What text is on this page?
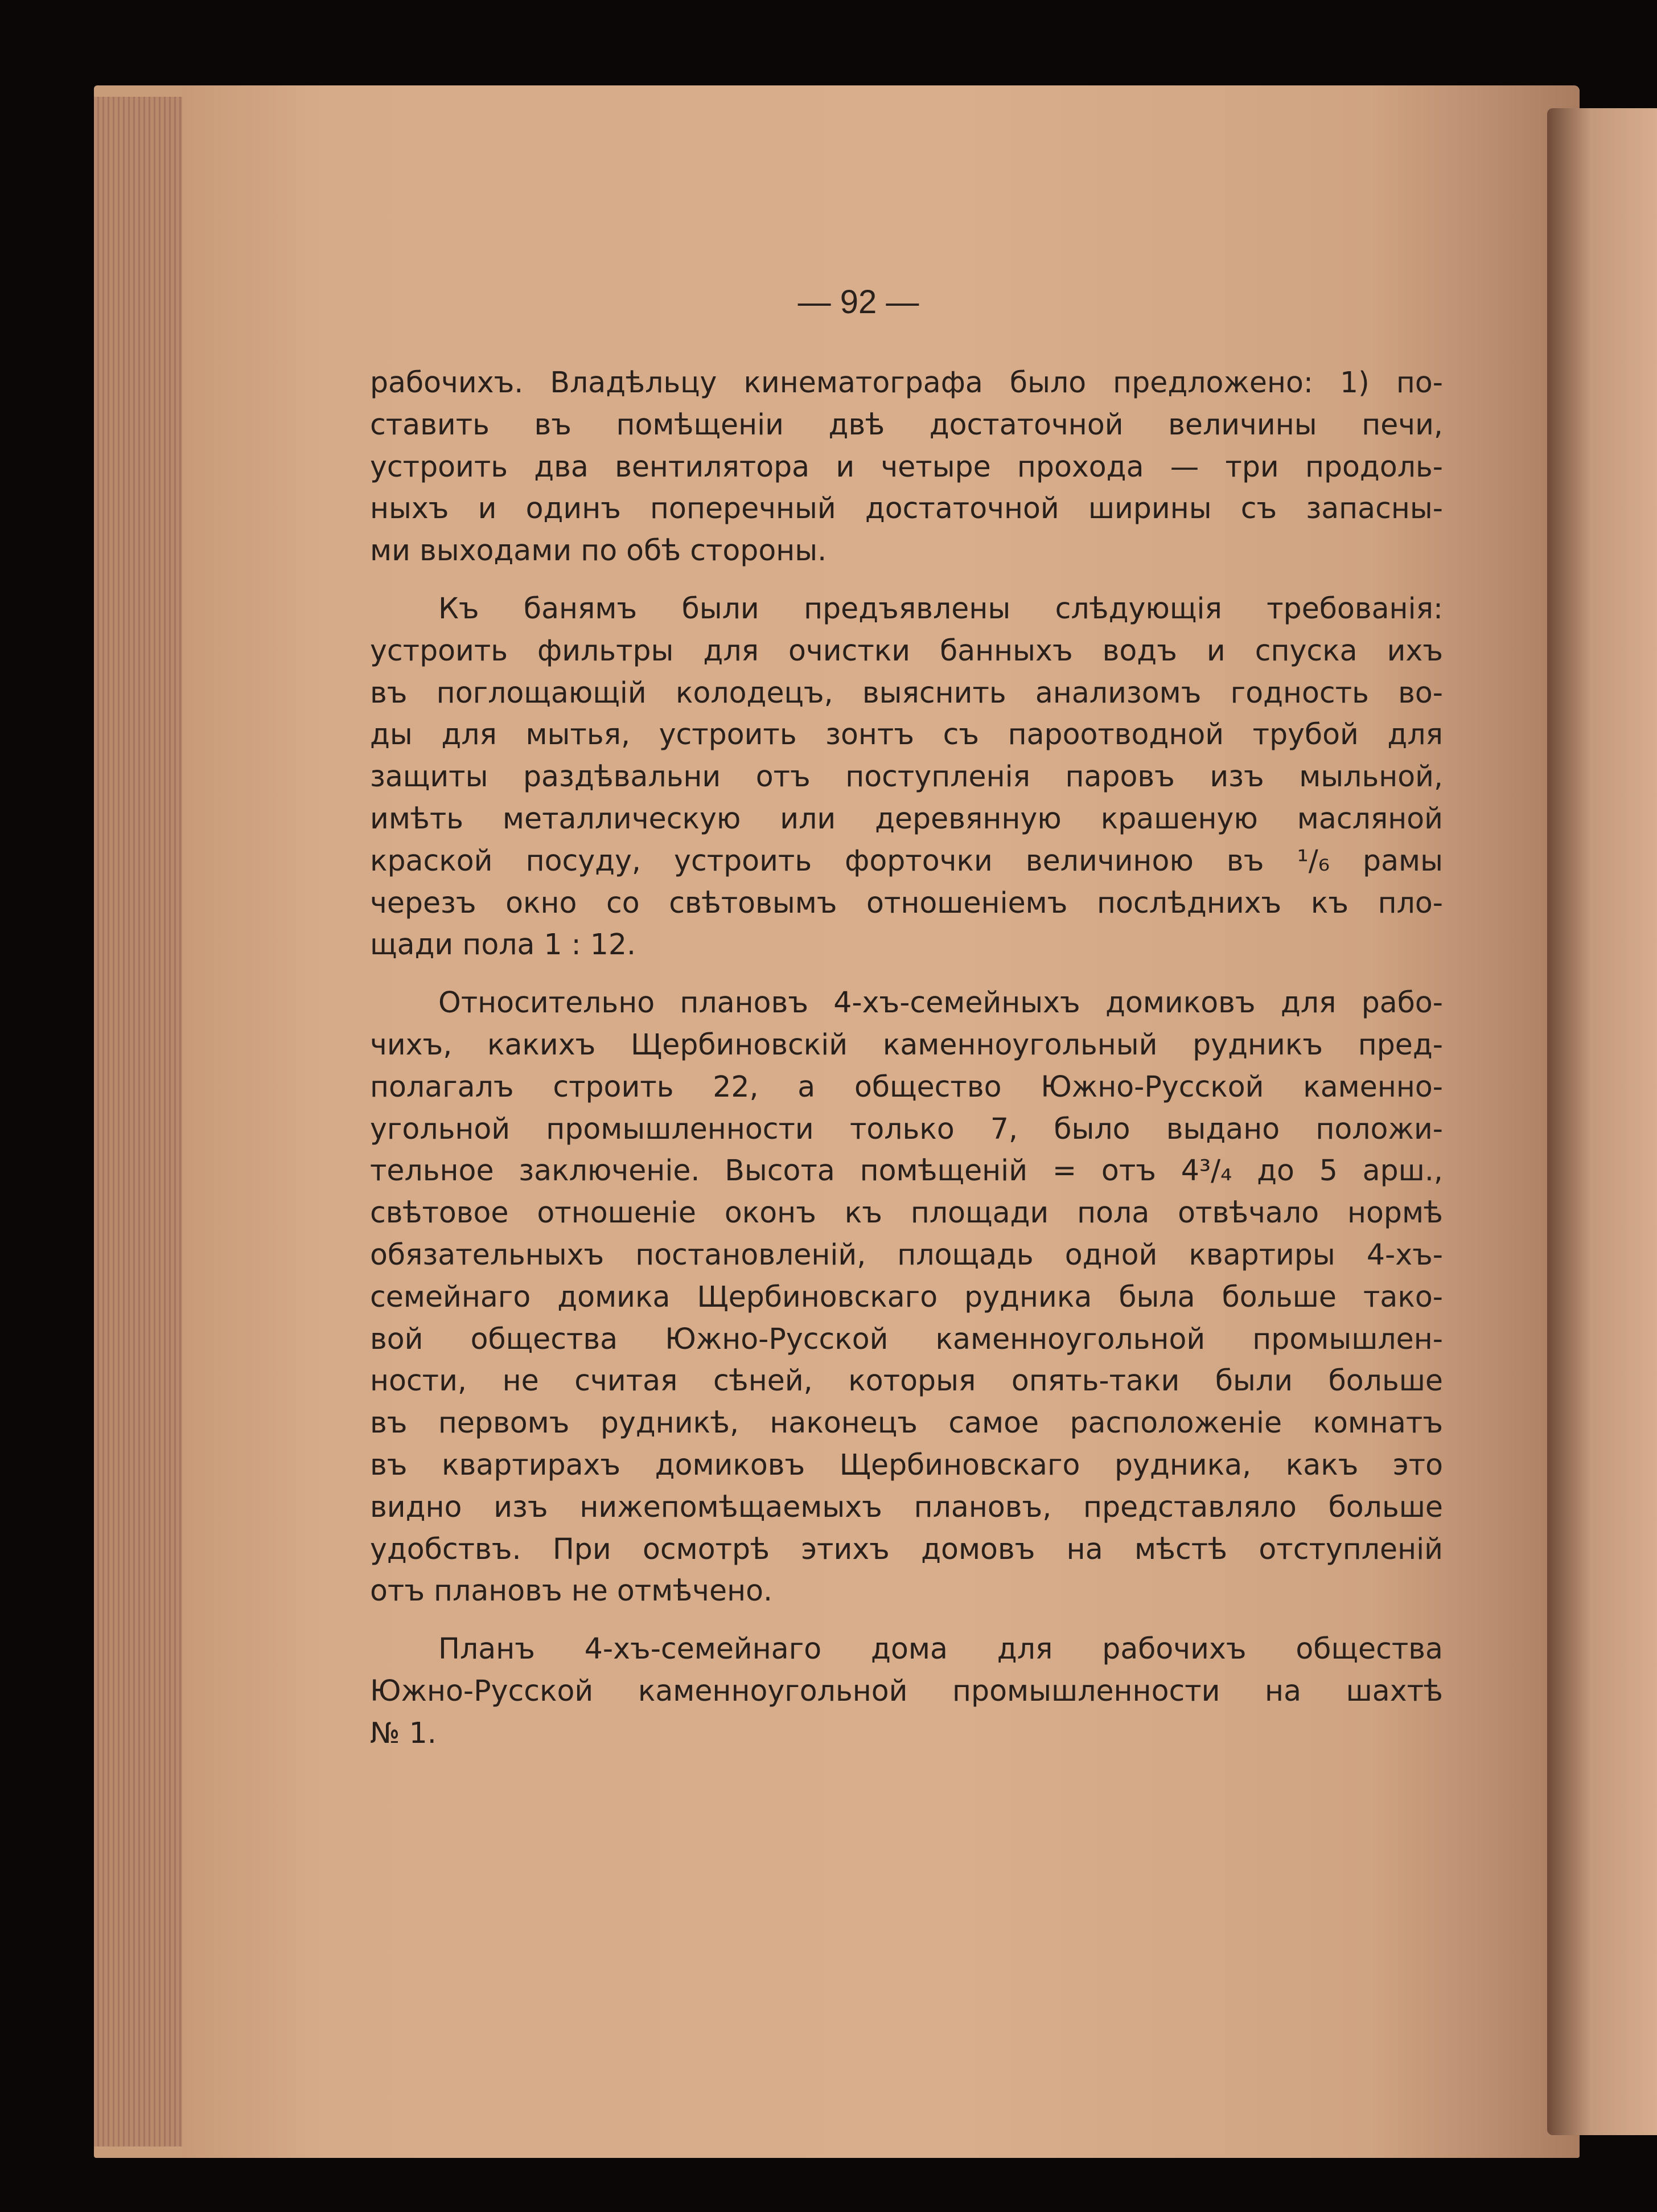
— 92 —
рабочихъ. Владѣльцу кинематографа было предложено: 1) по-
ставить въ помѣщенiи двѣ достаточной величины печи,
устроить два вентилятора и четыре прохода — три продоль-
ныхъ и одинъ поперечный достаточной ширины съ запасны-
ми выходами по обѣ стороны.
Къ банямъ были предъявлены слѣдующiя требованiя:
устроить фильтры для очистки банныхъ водъ и спуска ихъ
въ поглощающiй колодецъ, выяснить анализомъ годность во-
ды для мытья, устроить зонтъ съ пароотводной трубой для
защиты раздѣвальни отъ поступленiя паровъ изъ мыльной,
имѣть металлическую или деревянную крашеную масляной
краской посуду, устроить форточки величиною въ ¹/₆ рамы
черезъ окно со свѣтовымъ отношенiемъ послѣднихъ къ пло-
щади пола 1 : 12.
Относительно плановъ 4-хъ-семейныхъ домиковъ для рабо-
чихъ, какихъ Щербиновскiй каменноугольный рудникъ пред-
полагалъ строить 22, а общество Южно-Русской каменно-
угольной промышленности только 7, было выдано положи-
тельное заключенiе. Высота помѣщенiй = отъ 4³/₄ до 5 арш.,
свѣтовое отношенiе оконъ къ площади пола отвѣчало нормѣ
обязательныхъ постановленiй, площадь одной квартиры 4-хъ-
семейнаго домика Щербиновскаго рудника была больше тако-
вой общества Южно-Русской каменноугольной промышлен-
ности, не считая сѣней, которыя опять-таки были больше
въ первомъ рудникѣ, наконецъ самое расположенiе комнатъ
въ квартирахъ домиковъ Щербиновскаго рудника, какъ это
видно изъ нижепомѣщаемыхъ плановъ, представляло больше
удобствъ. При осмотрѣ этихъ домовъ на мѣстѣ отступленiй
отъ плановъ не отмѣчено.
Планъ 4-хъ-семейнаго дома для рабочихъ общества
Южно-Русской каменноугольной промышленности на шахтѣ
№ 1.
